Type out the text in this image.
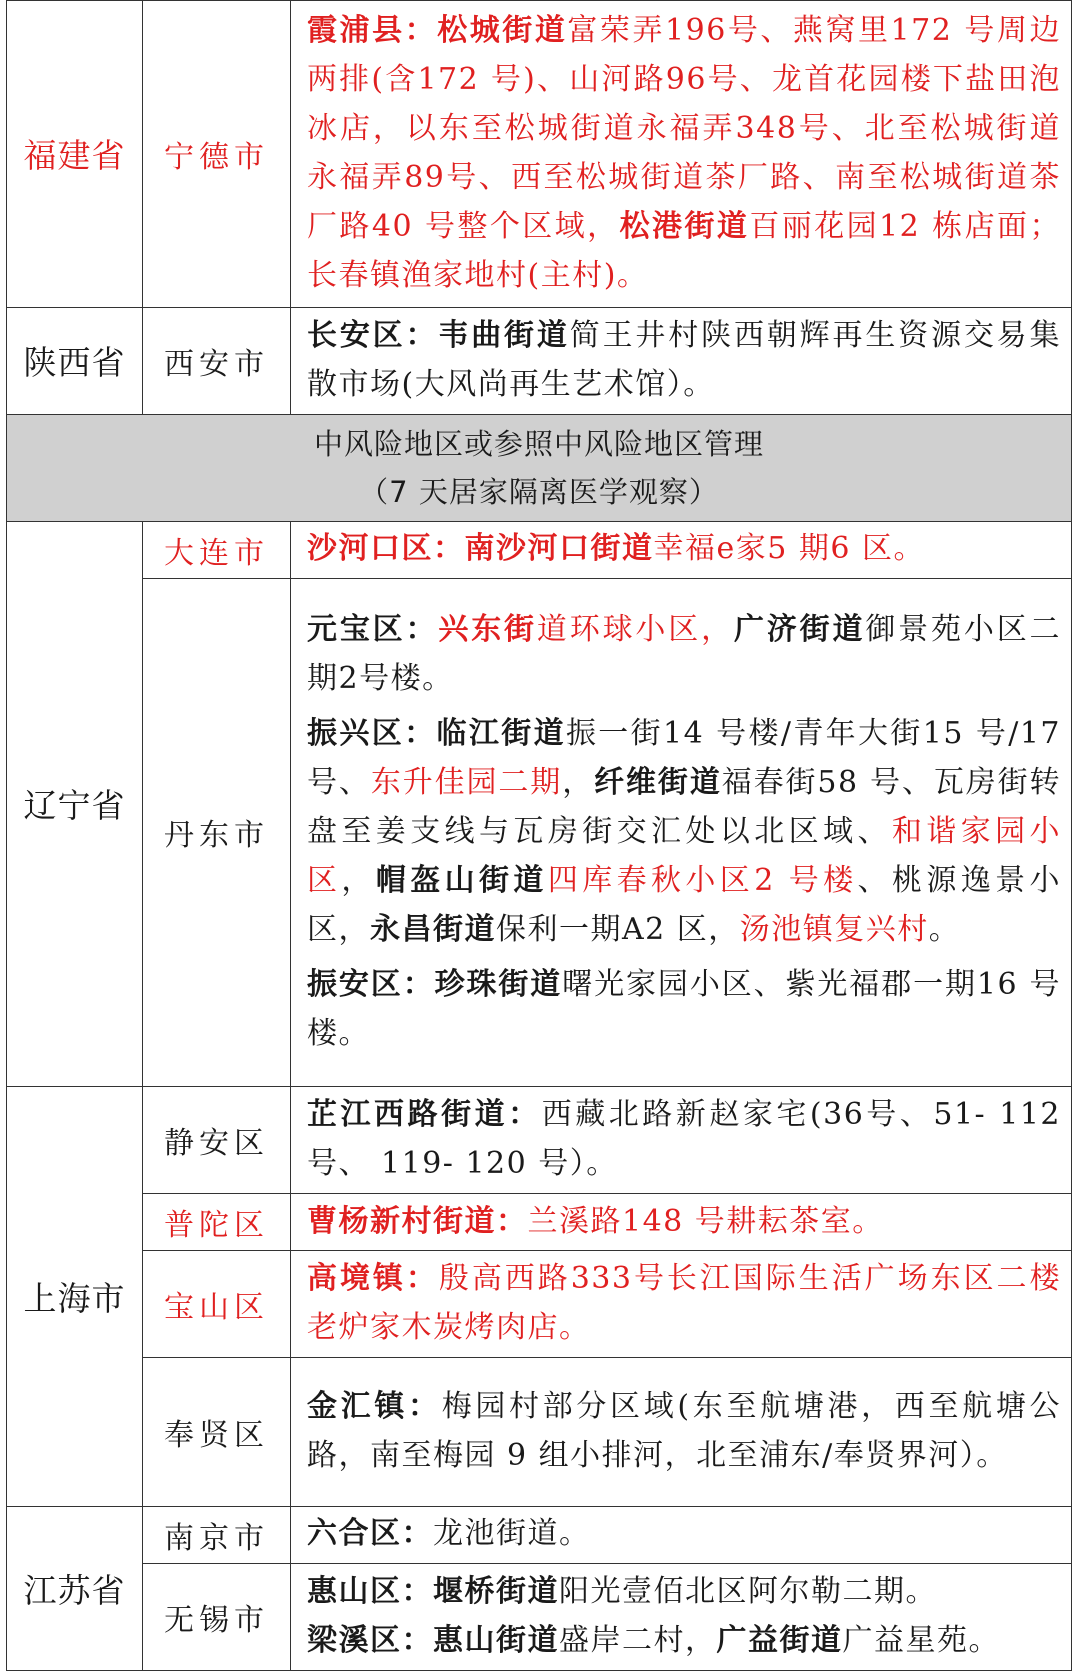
福建省	宁德市	霞浦县：松城街道富荣弄196号、燕窝里172 号周边两排(含172 号)、山河路96号、龙首花园楼下盐田泡冰店，以东至松城街道永福弄348号、北至松城街道永福弄89号、西至松城街道茶厂路、南至松城街道茶厂路40 号整个区域，松港街道百丽花园12 栋店面；长春镇渔家地村(主村)。
陕西省	西安市	长安区：韦曲街道简王井村陕西朝辉再生资源交易集散市场(大风尚再生艺术馆）。

中风险地区或参照中风险地区管理
（7 天居家隔离医学观察）		

辽宁省	大连市	沙河口区：南沙河口街道幸福e家5 期6 区。
	丹东市	元宝区：兴东街道环球小区，广济街道御景苑小区二期2号楼。
振兴区：临江街道振一街14 号楼/青年大街15 号/17 号、东升佳园二期，纤维街道福春街58 号、瓦房街转盘至姜支线与瓦房街交汇处以北区域、和谐家园小区，帽盔山街道四库春秋小区2 号楼、桃源逸景小区，永昌街道保利一期A2 区，汤池镇复兴村。
振安区：珍珠街道曙光家园小区、紫光福郡一期16 号楼。

上海市	静安区	芷江西路街道：西藏北路新赵家宅(36号、51- 112号、 119- 120 号）。
	普陀区	曹杨新村街道：兰溪路148 号耕耘茶室。
	宝山区	高境镇：殷高西路333号长江国际生活广场东区二楼老炉家木炭烤肉店。
	奉贤区	金汇镇：梅园村部分区域(东至航塘港，西至航塘公路，南至梅园 9 组小排河，北至浦东/奉贤界河）。
江苏省	南京市	六合区：龙池街道。
	无锡市	惠山区：堰桥街道阳光壹佰北区阿尔勒二期。
梁溪区：惠山街道盛岸二村，广益街道广益星苑。
